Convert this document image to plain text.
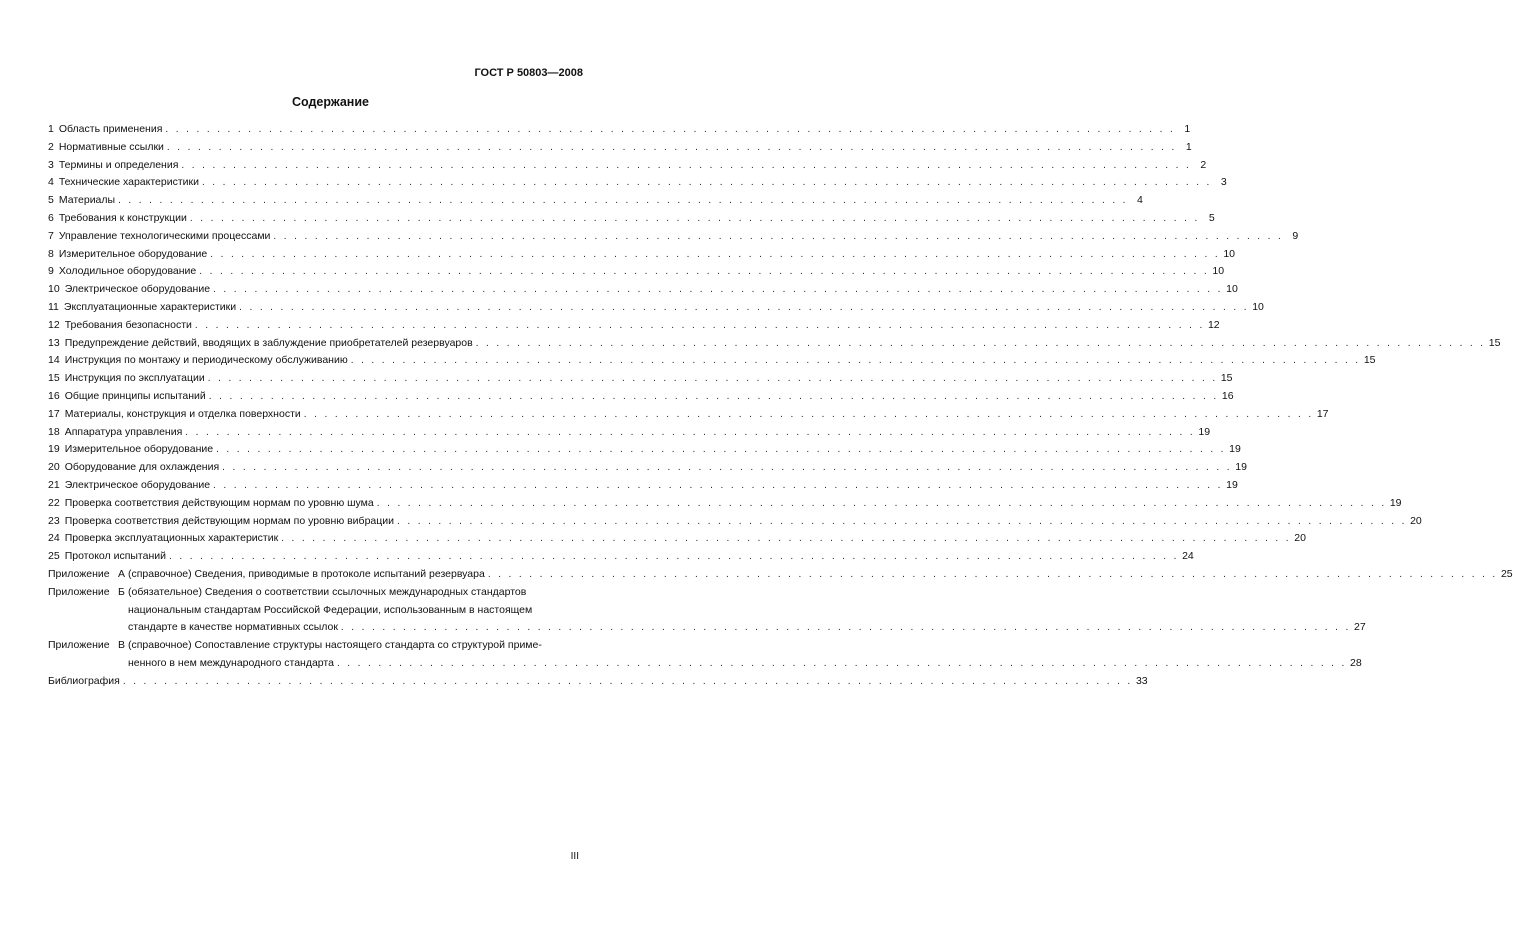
ГОСТ Р 50803—2008
Содержание
1 Область применения . . .	1
2 Нормативные ссылки . . .	1
3 Термины и определения . . .	2
4 Технические характеристики . . .	3
5 Материалы . . .	4
6 Требования к конструкции . . .	5
7 Управление технологическими процессами . . .	9
8 Измерительное оборудование . . .	10
9 Холодильное оборудование . . .	10
10 Электрическое оборудование . . .	10
11 Эксплуатационные характеристики . . .	10
12 Требования безопасности . . .	12
13 Предупреждение действий, вводящих в заблуждение приобретателей резервуаров . . .	15
14 Инструкция по монтажу и периодическому обслуживанию . . .	15
15 Инструкция по эксплуатации . . .	15
16 Общие принципы испытаний . . .	16
17 Материалы, конструкция и отделка поверхности . . .	17
18 Аппаратура управления . . .	19
19 Измерительное оборудование . . .	19
20 Оборудование для охлаждения . . .	19
21 Электрическое оборудование . . .	19
22 Проверка соответствия действующим нормам по уровню шума . . .	19
23 Проверка соответствия действующим нормам по уровню вибрации . . .	20
24 Проверка эксплуатационных характеристик . . .	20
25 Протокол испытаний . . .	24
Приложение А (справочное) Сведения, приводимые в протоколе испытаний резервуара . . .	25
Приложение Б (обязательное) Сведения о соответствии ссылочных международных стандартов
национальным стандартам Российской Федерации, использованным в настоящем
стандарте в качестве нормативных ссылок . . .	27
Приложение В (справочное) Сопоставление структуры настоящего стандарта со структурой приме-
ненного в нем международного стандарта . . .	28
Библиография . . .	33
III
